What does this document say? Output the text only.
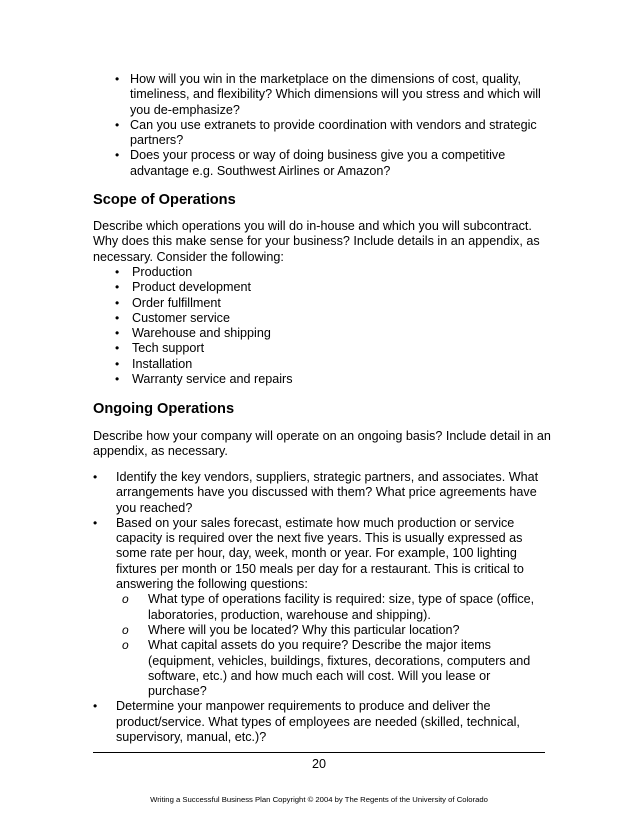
• How will you win in the marketplace on the dimensions of cost, quality, timeliness, and flexibility? Which dimensions will you stress and which will you de-emphasize?
• Can you use extranets to provide coordination with vendors and strategic partners?
• Does your process or way of doing business give you a competitive advantage e.g. Southwest Airlines or Amazon?
Scope of Operations
Describe which operations you will do in-house and which you will subcontract. Why does this make sense for your business? Include details in an appendix, as necessary. Consider the following:
• Production
• Product development
• Order fulfillment
• Customer service
• Warehouse and shipping
• Tech support
• Installation
• Warranty service and repairs
Ongoing Operations
Describe how your company will operate on an ongoing basis? Include detail in an appendix, as necessary.
• Identify the key vendors, suppliers, strategic partners, and associates. What arrangements have you discussed with them? What price agreements have you reached?
• Based on your sales forecast, estimate how much production or service capacity is required over the next five years. This is usually expressed as some rate per hour, day, week, month or year. For example, 100 lighting fixtures per month or 150 meals per day for a restaurant. This is critical to answering the following questions:
o What type of operations facility is required: size, type of space (office, laboratories, production, warehouse and shipping).
o Where will you be located? Why this particular location?
o What capital assets do you require? Describe the major items (equipment, vehicles, buildings, fixtures, decorations, computers and software, etc.) and how much each will cost. Will you lease or purchase?
• Determine your manpower requirements to produce and deliver the product/service. What types of employees are needed (skilled, technical, supervisory, manual, etc.)?
20
Writing a Successful Business Plan Copyright © 2004 by The Regents of the University of Colorado
